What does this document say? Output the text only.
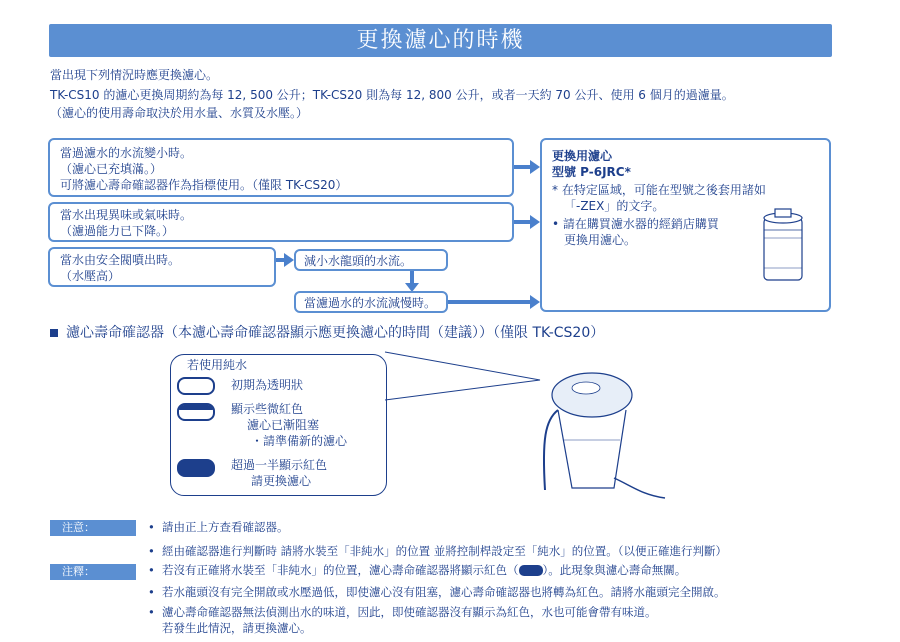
更換濾心的時機
當出現下列情況時應更換濾心。
TK-CS10 的濾心更換周期約為每 12, 500 公升；TK-CS20 則為每 12, 800 公升，或者一天約 70 公升、使用 6 個月的過濾量。
（濾心的使用壽命取決於用水量、水質及水壓。）
當過濾水的水流變小時。
（濾心已充填滿。）
可將濾心壽命確認器作為指標使用。（僅限 TK-CS20）
當水出現異味或氣味時。
（濾過能力已下降。）
當水由安全閥噴出時。
（水壓高）
減小水龍頭的水流。
當濾過水的水流減慢時。
更換用濾心
型號 P-6JRC*
* 在特定區域，可能在型號之後套用諸如
「-ZEX」的文字。
• 請在購買濾水器的經銷店購買
更換用濾心。
濾心壽命確認器（本濾心壽命確認器顯示應更換濾心的時間（建議））（僅限 TK-CS20）
若使用純水
初期為透明狀
顯示些微紅色
濾心已漸阻塞
・請準備新的濾心
超過一半顯示紅色
請更換濾心
注意：	• 請由正上方查看確認器。
• 經由確認器進行判斷時 請將水裝至「非純水」的位置 並將控制桿設定至「純水」的位置。（以便正確進行判斷）
注釋：	• 若沒有正確將水裝至「非純水」的位置，濾心壽命確認器將顯示紅色（ ）。此現象與濾心壽命無關。
• 若水龍頭沒有完全開啟或水壓過低，即使濾心沒有阻塞，濾心壽命確認器也將轉為紅色。請將水龍頭完全開啟。
• 濾心壽命確認器無法偵測出水的味道，因此，即使確認器沒有顯示為紅色，水也可能會帶有味道。
若發生此情況，請更換濾心。
